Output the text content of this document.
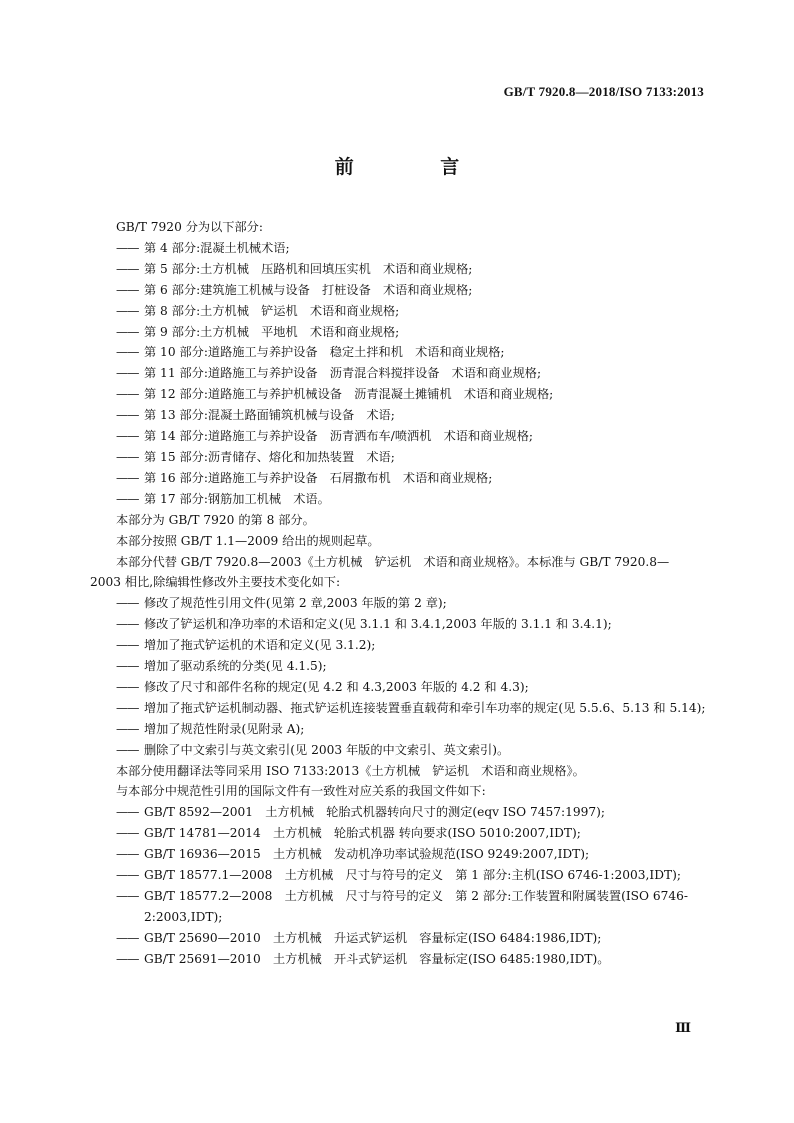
GB/T 7920.8—2018/ISO 7133:2013
前 言
GB/T 7920 分为以下部分:
—— 第 4 部分:混凝土机械术语;
—— 第 5 部分:土方机械　压路机和回填压实机　术语和商业规格;
—— 第 6 部分:建筑施工机械与设备　打桩设备　术语和商业规格;
—— 第 8 部分:土方机械　铲运机　术语和商业规格;
—— 第 9 部分:土方机械　平地机　术语和商业规格;
—— 第 10 部分:道路施工与养护设备　稳定土拌和机　术语和商业规格;
—— 第 11 部分:道路施工与养护设备　沥青混合料搅拌设备　术语和商业规格;
—— 第 12 部分:道路施工与养护机械设备　沥青混凝土摊铺机　术语和商业规格;
—— 第 13 部分:混凝土路面铺筑机械与设备　术语;
—— 第 14 部分:道路施工与养护设备　沥青洒布车/喷洒机　术语和商业规格;
—— 第 15 部分:沥青储存、熔化和加热装置　术语;
—— 第 16 部分:道路施工与养护设备　石屑撒布机　术语和商业规格;
—— 第 17 部分:钢筋加工机械　术语。
本部分为 GB/T 7920 的第 8 部分。
本部分按照 GB/T 1.1—2009 给出的规则起草。
本部分代替 GB/T 7920.8—2003《土方机械　铲运机　术语和商业规格》。本标准与 GB/T 7920.8—
2003 相比,除编辑性修改外主要技术变化如下:
—— 修改了规范性引用文件(见第 2 章,2003 年版的第 2 章);
—— 修改了铲运机和净功率的术语和定义(见 3.1.1 和 3.4.1,2003 年版的 3.1.1 和 3.4.1);
—— 增加了拖式铲运机的术语和定义(见 3.1.2);
—— 增加了驱动系统的分类(见 4.1.5);
—— 修改了尺寸和部件名称的规定(见 4.2 和 4.3,2003 年版的 4.2 和 4.3);
—— 增加了拖式铲运机制动器、拖式铲运机连接装置垂直载荷和牵引车功率的规定(见 5.5.6、5.13 和 5.14);
—— 增加了规范性附录(见附录 A);
—— 删除了中文索引与英文索引(见 2003 年版的中文索引、英文索引)。
本部分使用翻译法等同采用 ISO 7133:2013《土方机械　铲运机　术语和商业规格》。
与本部分中规范性引用的国际文件有一致性对应关系的我国文件如下:
—— GB/T 8592—2001　土方机械　轮胎式机器转向尺寸的测定(eqv ISO 7457:1997);
—— GB/T 14781—2014　土方机械　轮胎式机器 转向要求(ISO 5010:2007,IDT);
—— GB/T 16936—2015　土方机械　发动机净功率试验规范(ISO 9249:2007,IDT);
—— GB/T 18577.1—2008　土方机械　尺寸与符号的定义　第 1 部分:主机(ISO 6746-1:2003,IDT);
—— GB/T 18577.2—2008　土方机械　尺寸与符号的定义　第 2 部分:工作装置和附属装置(ISO 6746-2:2003,IDT);
—— GB/T 25690—2010　土方机械　升运式铲运机　容量标定(ISO 6484:1986,IDT);
—— GB/T 25691—2010　土方机械　开斗式铲运机　容量标定(ISO 6485:1980,IDT)。
Ⅲ
